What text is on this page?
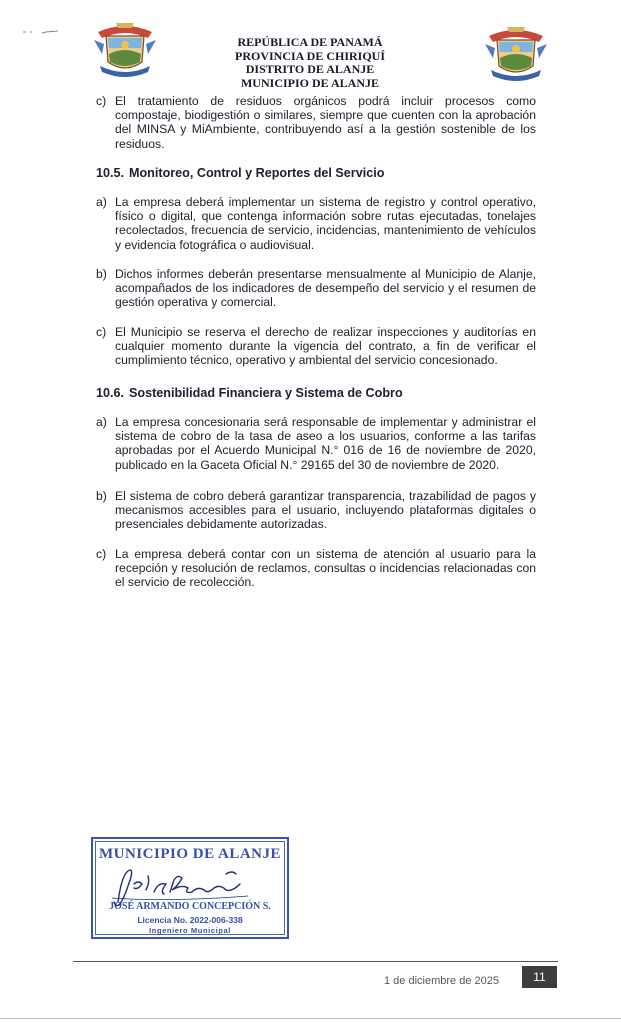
REPÚBLICA DE PANAMÁ
PROVINCIA DE CHIRIQUÍ
DISTRITO DE ALANJE
MUNICIPIO DE ALANJE
c) El tratamiento de residuos orgánicos podrá incluir procesos como compostaje, biodigestión o similares, siempre que cuenten con la aprobación del MINSA y MiAmbiente, contribuyendo así a la gestión sostenible de los residuos.
10.5. Monitoreo, Control y Reportes del Servicio
a) La empresa deberá implementar un sistema de registro y control operativo, físico o digital, que contenga información sobre rutas ejecutadas, tonelajes recolectados, frecuencia de servicio, incidencias, mantenimiento de vehículos y evidencia fotográfica o audiovisual.
b) Dichos informes deberán presentarse mensualmente al Municipio de Alanje, acompañados de los indicadores de desempeño del servicio y el resumen de gestión operativa y comercial.
c) El Municipio se reserva el derecho de realizar inspecciones y auditorías en cualquier momento durante la vigencia del contrato, a fin de verificar el cumplimiento técnico, operativo y ambiental del servicio concesionado.
10.6. Sostenibilidad Financiera y Sistema de Cobro
a) La empresa concesionaria será responsable de implementar y administrar el sistema de cobro de la tasa de aseo a los usuarios, conforme a las tarifas aprobadas por el Acuerdo Municipal N.° 016 de 16 de noviembre de 2020, publicado en la Gaceta Oficial N.° 29165 del 30 de noviembre de 2020.
b) El sistema de cobro deberá garantizar transparencia, trazabilidad de pagos y mecanismos accesibles para el usuario, incluyendo plataformas digitales o presenciales debidamente autorizadas.
c) La empresa deberá contar con un sistema de atención al usuario para la recepción y resolución de reclamos, consultas o incidencias relacionadas con el servicio de recolección.
MUNICIPIO DE ALANJE
JOSÉ ARMANDO CONCEPCIÓN S.
Licencia No. 2022-006-338
Ingeniero Municipal
1 de diciembre de 2025	11
